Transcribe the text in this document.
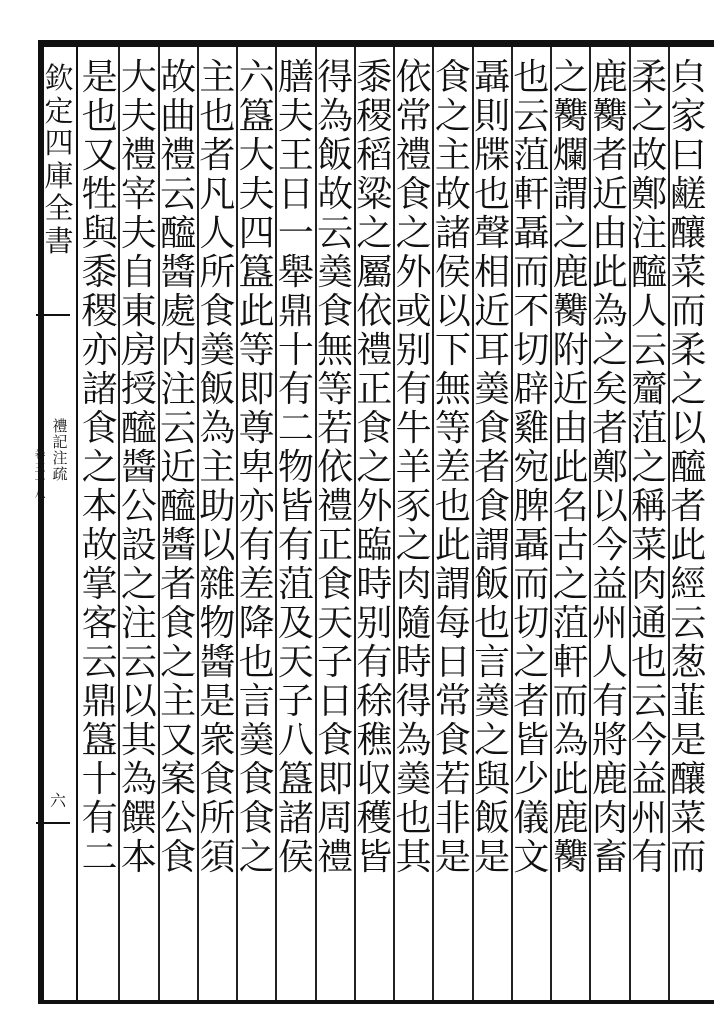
欽定四庫全書
禮記注疏
卷三十八
六
㒵家曰鹺釀菜而柔之以醯者此經云葱韮是釀菜而
柔之故鄭注醯人云齏菹之稱菜肉通也云今益州有
鹿臡者近由此為之矣者鄭以今益州人有將鹿肉畜
之臡爛謂之鹿臡附近由此名古之菹軒而為此鹿臡
也云菹軒聶而不切辟雞宛脾聶而切之者皆少儀文
聶則牒也聲相近耳羮食者食謂飯也言羮之與飯是
食之主故諸侯以下無等差也此謂每日常食若非是
依常禮食之外或别有牛羊豕之肉隨時得為羮也其
黍稷稻粱之屬依禮正食之外臨時别有稌穛収穫皆
得為飯故云羮食無等若依禮正食天子日食即周禮
膳夫王日一舉鼎十有二物皆有菹及天子八簋諸侯
六簋大夫四簋此等即尊卑亦有差降也言羮食食之
主也者凡人所食羮飯為主助以雜物醬是衆食所須
故曲禮云醯醬處内注云近醯醬者食之主又案公食
大夫禮宰夫自東房授醯醬公設之注云以其為饌本
是也又牲與黍稷亦諸食之本故掌客云鼎簋十有二
